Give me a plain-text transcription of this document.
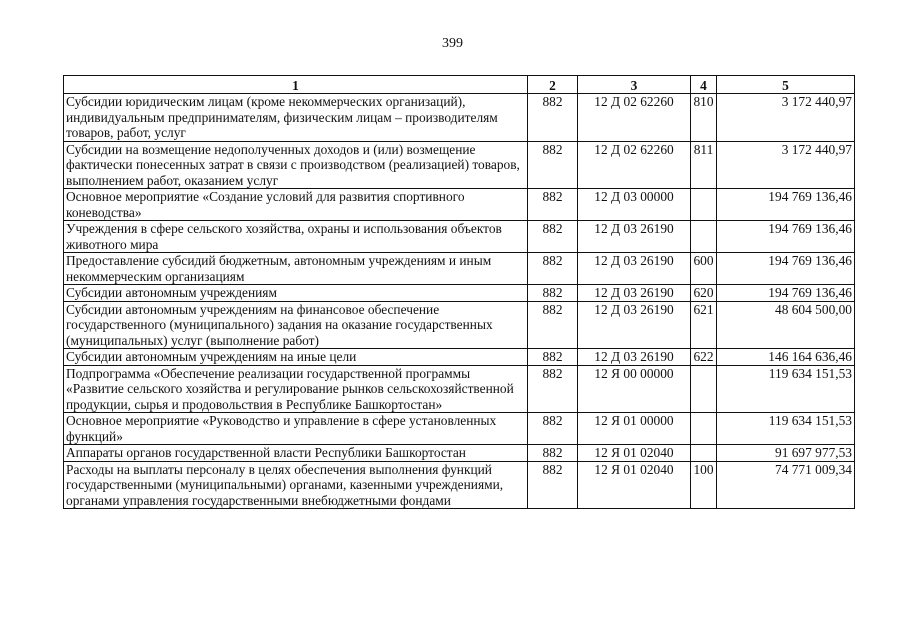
399
1	2	3	4	5
Субсидии юридическим лицам (кроме некоммерческих организаций), индивидуальным предпринимателям, физическим лицам – производителям товаров, работ, услуг	882	12 Д 02 62260	810	3 172 440,97
Субсидии на возмещение недополученных доходов и (или) возмещение фактически понесенных затрат в связи с производством (реализацией) товаров, выполнением работ, оказанием услуг	882	12 Д 02 62260	811	3 172 440,97
Основное мероприятие «Создание условий для развития спортивного коневодства»	882	12 Д 03 00000		194 769 136,46
Учреждения в сфере сельского хозяйства, охраны и использования объектов животного мира	882	12 Д 03 26190		194 769 136,46
Предоставление субсидий бюджетным, автономным учреждениям и иным некоммерческим организациям	882	12 Д 03 26190	600	194 769 136,46
Субсидии автономным учреждениям	882	12 Д 03 26190	620	194 769 136,46
Субсидии автономным учреждениям на финансовое обеспечение государственного (муниципального) задания на оказание государственных (муниципальных) услуг (выполнение работ)	882	12 Д 03 26190	621	48 604 500,00
Субсидии автономным учреждениям на иные цели	882	12 Д 03 26190	622	146 164 636,46
Подпрограмма «Обеспечение реализации государственной программы «Развитие сельского хозяйства и регулирование рынков сельскохозяйственной продукции, сырья и продовольствия в Республике Башкортостан»	882	12 Я 00 00000		119 634 151,53
Основное мероприятие «Руководство и управление в сфере установленных функций»	882	12 Я 01 00000		119 634 151,53
Аппараты органов государственной власти Республики Башкортостан	882	12 Я 01 02040		91 697 977,53
Расходы на выплаты персоналу в целях обеспечения выполнения функций государственными (муниципальными) органами, казенными учреждениями, органами управления государственными внебюджетными фондами	882	12 Я 01 02040	100	74 771 009,34
